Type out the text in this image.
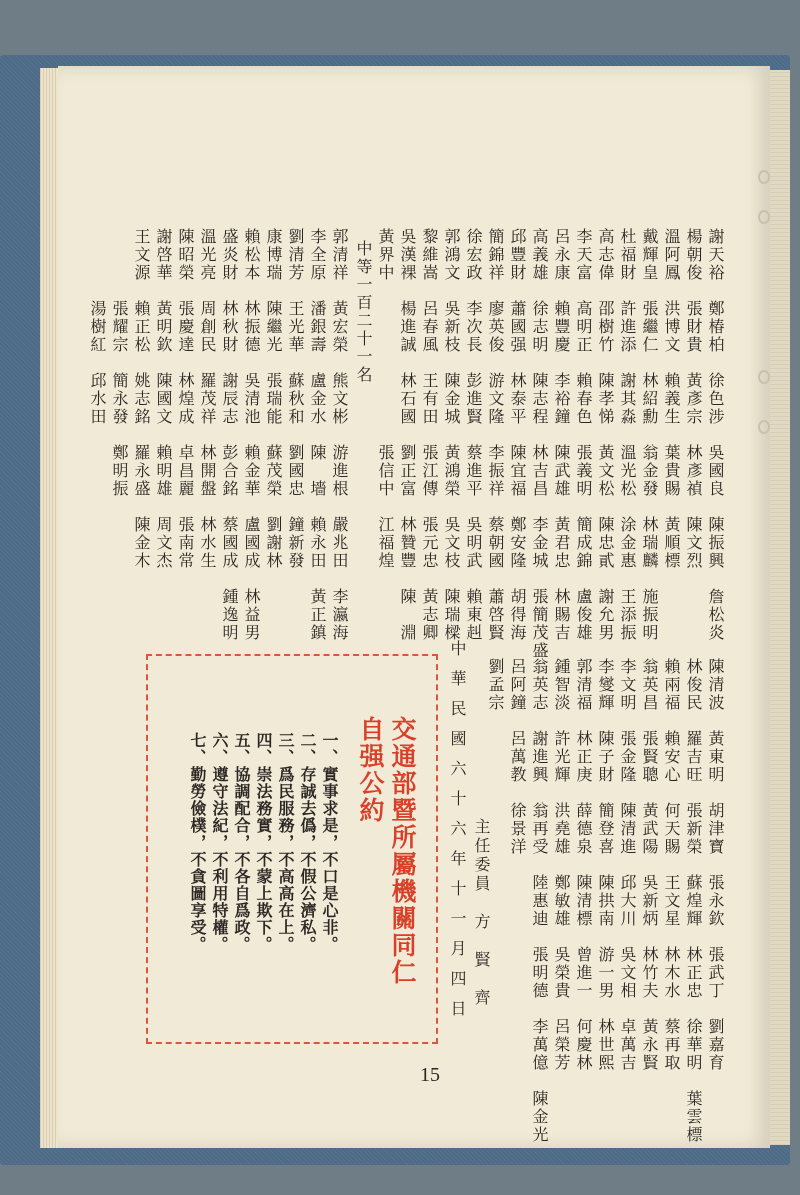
謝天裕　鄭椿柏　徐色涉　吳國良　陳振興　詹松炎
楊朝俊　張財貴　黃彥宗　林彥禎　陳文烈
溫阿鳳　洪博文　賴義生　葉貴賜　黃順標
戴輝皇　張繼仁　林紹勳　翁金發　林瑞麟　施振明
杜福財　許進添　謝其淼　溫光松　涂金惠　王添振
高志偉　邵樹竹　陳孝悌　黃文松　陳忠貳　謝允男
李天富　高明正　賴春色　張義明　簡成錦　盧俊雄
呂永康　賴豐慶　李裕鐘　陳武雄　黃君忠　林賜吉
高義雄　徐志明　陳志程　林吉昌　李金城　張簡茂盛
邱豐財　蕭國强　林泰平　陳宜福　鄭安隆　胡得海
簡錦祥　廖英俊　游文隆　李振祥　蔡朝國　蕭啓賢
徐宏政　李次長　彭進賢　蔡進平　吳明武　賴東赳
郭鴻文　吳新枝　陳金城　黃鴻榮　吳文枝　陳瑞樑
黎維嵩　呂春風　王有田　張江傳　張元忠　黃志卿
吳漢裸　楊進誠　林石國　劉正富　林贊豐　陳　淵
黃界中　　　　　　　　　張信中　江福煌
中等一百二十一名
郭清祥　黃宏榮　熊文彬　游進根　嚴兆田　李瀛海
李全原　潘銀壽　盧金水　陳　墻　賴永田　黃正鎮
劉清芳　王光華　蘇秋和　劉國忠　鐘新發
康博瑞　陳繼光　張瑞能　蘇茂榮　劉謝林
賴松本　林振德　吳清池　賴金華　盧國成　林益男
盛炎財　林秋財　謝辰志　彭合銘　蔡國成　鍾逸明
溫光亮　周創民　羅茂祥　林開盤　林水生
陳昭榮　張慶達　林煌成　卓昌麗　張南常
謝啓華　黃明欽　陳國文　賴明雄　周文杰
王文源　賴正松　姚志銘　羅永盛　陳金木
　　　　張耀宗　簡永發　鄭明振
　　　　湯樹紅　邱水田
陳清波　黃東明　胡津寶　張永欽　張武丁　劉嘉育
林俊民　羅吉旺　張新榮　蘇煌輝　林正忠　徐華明　葉雲標
賴兩福　賴安心　何天賜　王文星　林木水　蔡再取
翁英昌　張賢聰　黃武陽　吳新炳　林竹夫　黃永賢
李文明　張金隆　陳清進　邱大川　吳文相　卓萬吉
李燮輝　陳子財　簡登喜　陳拱南　游一男　林世熙
郭清福　林正庚　薛德泉　陳清標　曾進一　何慶林
鍾智淡　許光輝　洪堯雄　鄭敏雄　吳榮貴　呂榮芳
翁英志　謝進興　翁再受　陸惠迪　張明德　李萬億　陳金光
呂阿鐘　呂萬教　徐景洋
劉孟宗
主任委員　方　賢　齊
中華民國六十六年十一月四日
交通部暨所屬機關同仁
自强公約
一、實事求是，不口是心非。
二、存誠去僞，不假公濟私。
三、爲民服務，不高高在上。
四、崇法務實，不蒙上欺下。
五、協調配合，不各自爲政。
六、遵守法紀，不利用特權。
七、勤勞儉樸，不貪圖享受。
15
